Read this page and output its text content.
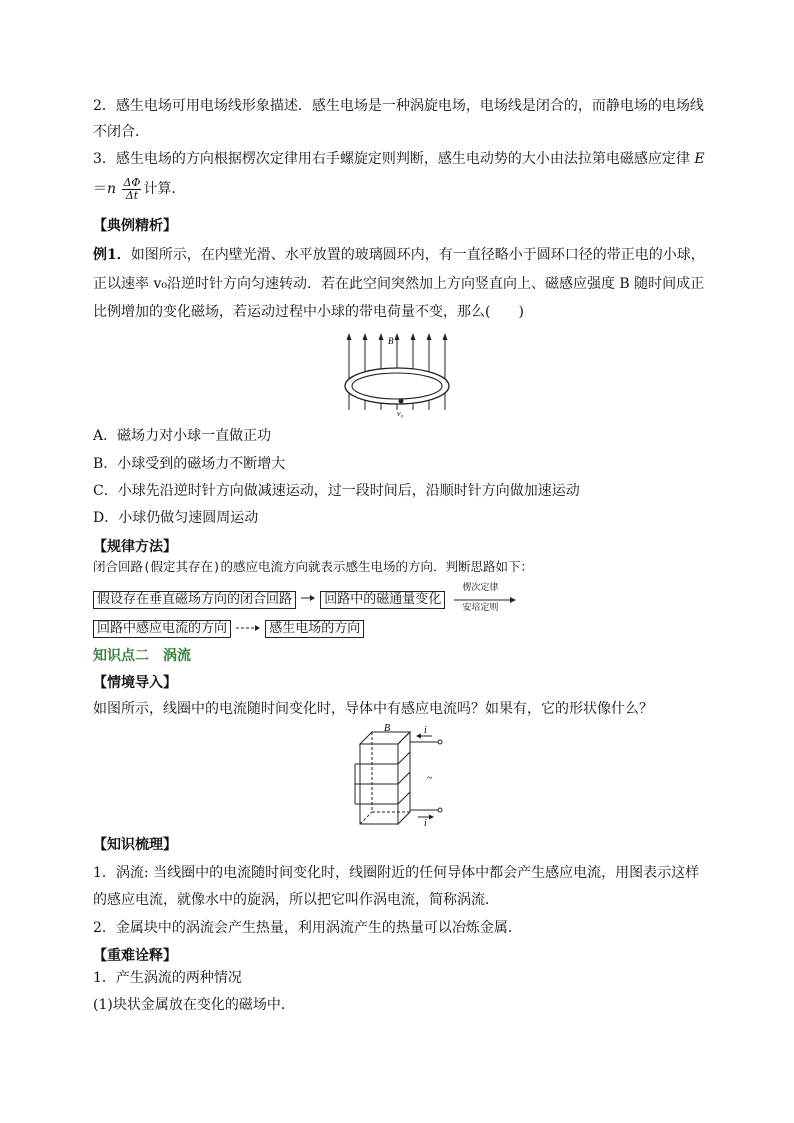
2．感生电场可用电场线形象描述．感生电场是一种涡旋电场，电场线是闭合的，而静电场的电场线
不闭合．
3．感生电场的方向根据楞次定律用右手螺旋定则判断，感生电动势的大小由法拉第电磁感应定律 E
$=n \frac{\Delta\Phi}{\Delta t}$ 计算．
【典例精析】
例1．如图所示，在内壁光滑、水平放置的玻璃圆环内，有一直径略小于圆环口径的带正电的小球，
正以速率 v₀沿逆时针方向匀速转动．若在此空间突然加上方向竖直向上、磁感应强度 B 随时间成正
比例增加的变化磁场，若运动过程中小球的带电荷量不变，那么(　　)
B
v₀
A．磁场力对小球一直做正功
B．小球受到的磁场力不断增大
C．小球先沿逆时针方向做减速运动，过一段时间后，沿顺时针方向做加速运动
D．小球仍做匀速圆周运动
【规律方法】
闭合回路(假定其存在)的感应电流方向就表示感生电场的方向．判断思路如下：
假设存在垂直磁场方向的闭合回路 回路中的磁通量变化
楞次定律
安培定则
回路中感应电流的方向	感生电场的方向
知识点二　涡流
【情境导入】
如图所示，线圈中的电流随时间变化时，导体中有感应电流吗？如果有，它的形状像什么？
B	i
i
~
【知识梳理】
1．涡流: 当线圈中的电流随时间变化时，线圈附近的任何导体中都会产生感应电流，用图表示这样
的感应电流，就像水中的旋涡，所以把它叫作涡电流，简称涡流．
2．金属块中的涡流会产生热量，利用涡流产生的热量可以冶炼金属．
【重难诠释】
1．产生涡流的两种情况
(1)块状金属放在变化的磁场中．
